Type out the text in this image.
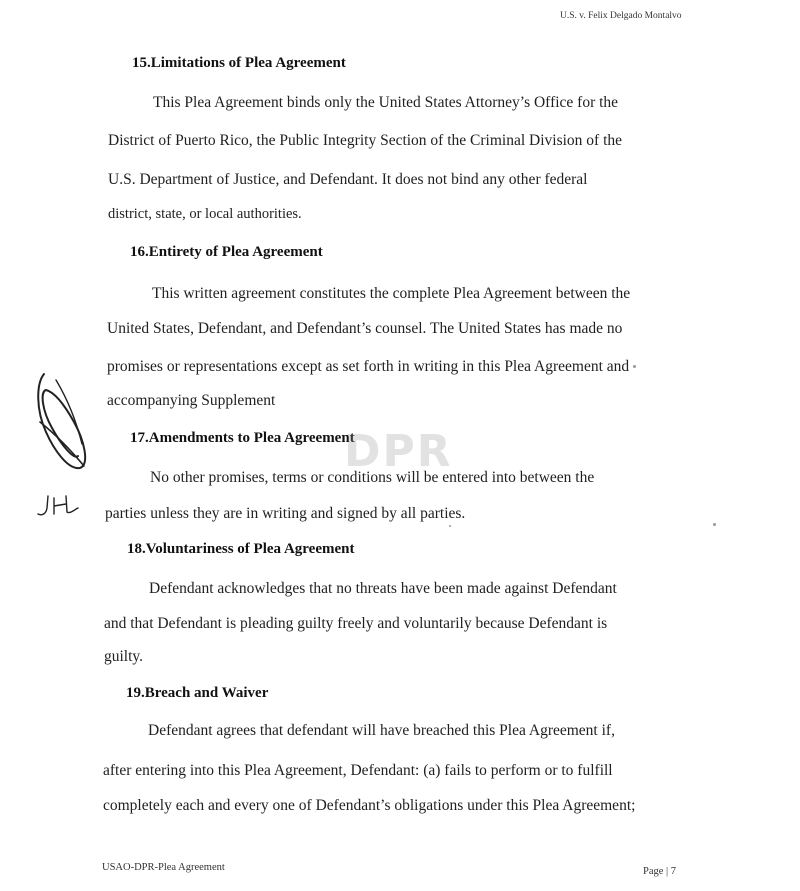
U.S. v. Felix Delgado Montalvo
15.Limitations of Plea Agreement
This Plea Agreement binds only the United States Attorney’s Office for the
District of Puerto Rico, the Public Integrity Section of the Criminal Division of the
U.S. Department of Justice, and Defendant. It does not bind any other federal
district, state, or local authorities.
16.Entirety of Plea Agreement
This written agreement constitutes the complete Plea Agreement between the
United States, Defendant, and Defendant’s counsel. The United States has made no
promises or representations except as set forth in writing in this Plea Agreement and
accompanying Supplement
17.Amendments to Plea Agreement
DPR
No other promises, terms or conditions will be entered into between the
parties unless they are in writing and signed by all parties.
18.Voluntariness of Plea Agreement
Defendant acknowledges that no threats have been made against Defendant
and that Defendant is pleading guilty freely and voluntarily because Defendant is
guilty.
19.Breach and Waiver
Defendant agrees that defendant will have breached this Plea Agreement if,
after entering into this Plea Agreement, Defendant: (a) fails to perform or to fulfill
completely each and every one of Defendant’s obligations under this Plea Agreement;
USAO-DPR-Plea Agreement	Page | 7
